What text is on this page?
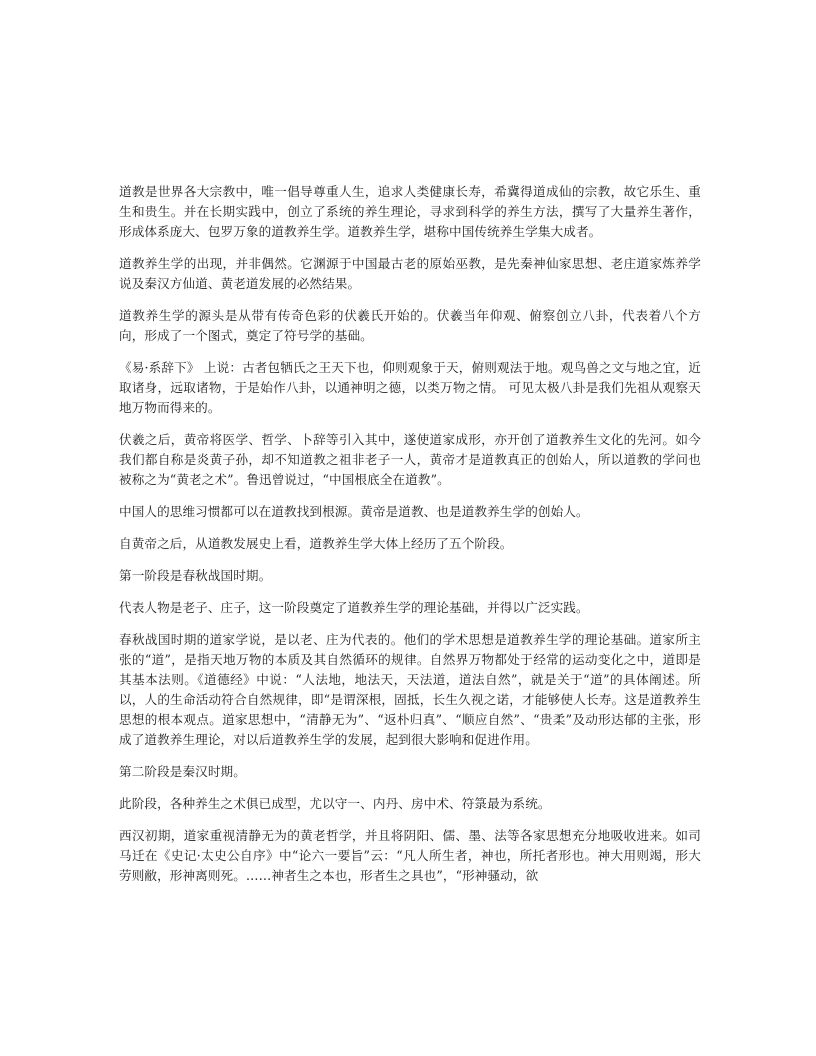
道教是世界各大宗教中，唯一倡导尊重人生，追求人类健康长寿，希冀得道成仙的宗教，故它乐生、重生和贵生。并在长期实践中，创立了系统的养生理论，寻求到科学的养生方法，撰写了大量养生著作，形成体系庞大、包罗万象的道教养生学。道教养生学，堪称中国传统养生学集大成者。

道教养生学的出现，并非偶然。它渊源于中国最古老的原始巫教，是先秦神仙家思想、老庄道家炼养学说及秦汉方仙道、黄老道发展的必然结果。

道教养生学的源头是从带有传奇色彩的伏羲氏开始的。伏羲当年仰观、俯察创立八卦，代表着八个方向，形成了一个图式，奠定了符号学的基础。

《易·系辞下》 上说：古者包牺氏之王天下也，仰则观象于天，俯则观法于地。观鸟兽之文与地之宜，近取诸身，远取诸物，于是始作八卦，以通神明之德，以类万物之情。 可见太极八卦是我们先祖从观察天地万物而得来的。

伏羲之后，黄帝将医学、哲学、卜辞等引入其中，遂使道家成形，亦开创了道教养生文化的先河。如今我们都自称是炎黄子孙，却不知道教之祖非老子一人，黄帝才是道教真正的创始人，所以道教的学问也被称之为“黄老之术”。鲁迅曾说过，“中国根底全在道教”。

中国人的思维习惯都可以在道教找到根源。黄帝是道教、也是道教养生学的创始人。

自黄帝之后，从道教发展史上看，道教养生学大体上经历了五个阶段。

第一阶段是春秋战国时期。

代表人物是老子、庄子，这一阶段奠定了道教养生学的理论基础，并得以广泛实践。

春秋战国时期的道家学说，是以老、庄为代表的。他们的学术思想是道教养生学的理论基础。道家所主张的“道”，是指天地万物的本质及其自然循环的规律。自然界万物都处于经常的运动变化之中，道即是其基本法则。《道德经》中说：“人法地，地法天，天法道，道法自然”，就是关于“道”的具体阐述。所以，人的生命活动符合自然规律，即“是谓深根，固抵，长生久视之诺，才能够使人长寿。这是道教养生思想的根本观点。道家思想中，“清静无为”、“返朴归真”、“顺应自然”、“贵柔”及动形达郁的主张，形成了道教养生理论，对以后道教养生学的发展，起到很大影响和促进作用。

第二阶段是秦汉时期。

此阶段，各种养生之术俱已成型，尤以守一、内丹、房中术、符箓最为系统。

西汉初期，道家重视清静无为的黄老哲学，并且将阴阳、儒、墨、法等各家思想充分地吸收进来。如司马迁在《史记·太史公自序》中“论六一要旨”云：“凡人所生者，神也，所托者形也。神大用则竭，形大劳则敝，形神离则死。……神者生之本也，形者生之具也”，“形神骚动，欲
